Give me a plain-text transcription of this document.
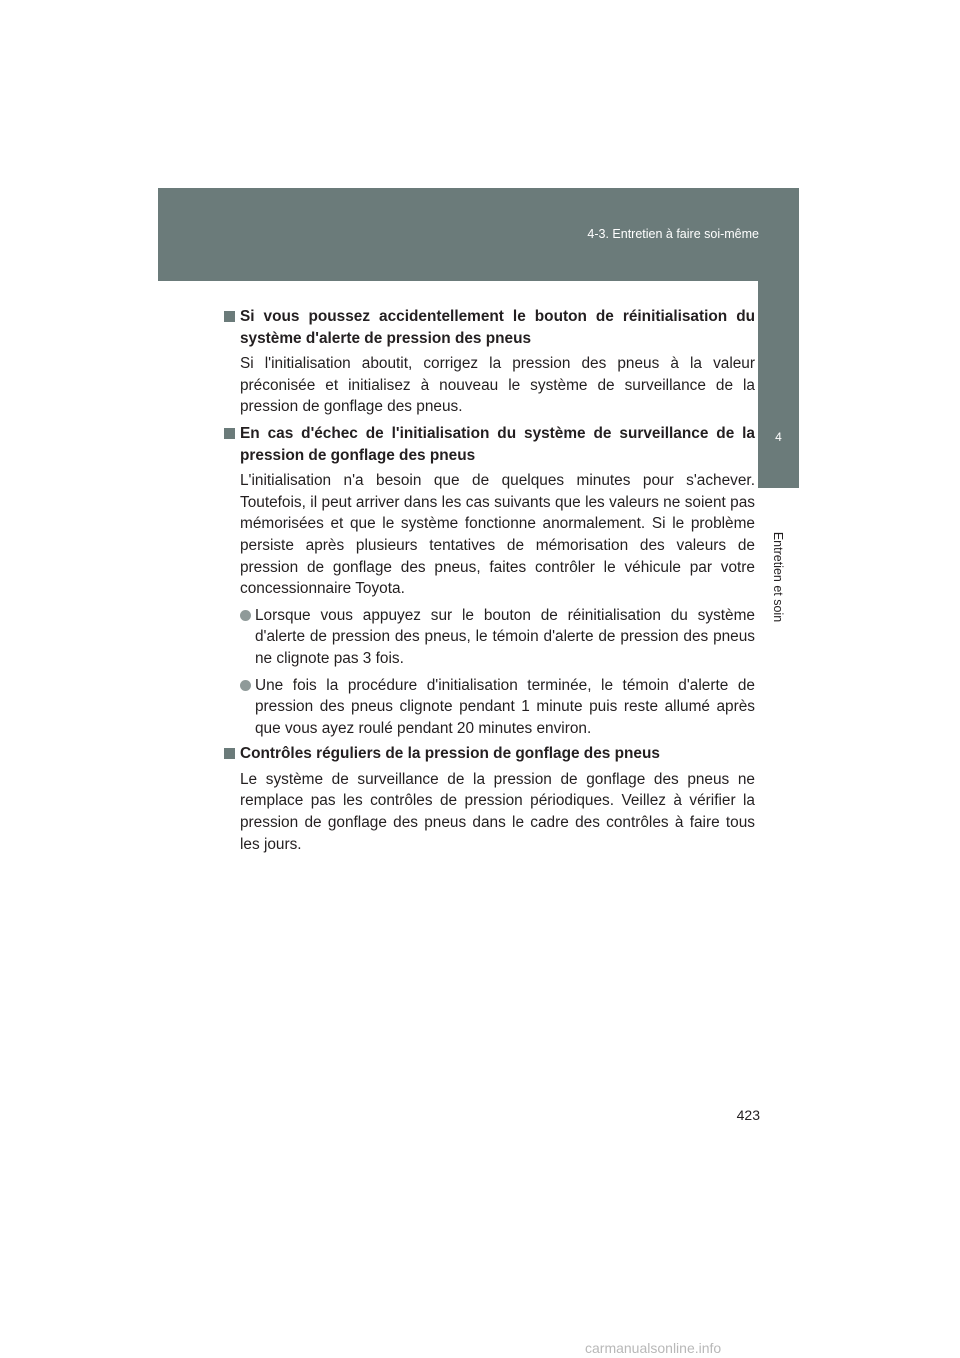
4-3. Entretien à faire soi-même
4
Entretien et soin
Si vous poussez accidentellement le bouton de réinitialisation du système d'alerte de pression des pneus
Si l'initialisation aboutit, corrigez la pression des pneus à la valeur préconisée et initialisez à nouveau le système de surveillance de la pression de gonflage des pneus.
En cas d'échec de l'initialisation du système de surveillance de la pression de gonflage des pneus
L'initialisation n'a besoin que de quelques minutes pour s'achever. Toutefois, il peut arriver dans les cas suivants que les valeurs ne soient pas mémorisées et que le système fonctionne anormalement. Si le problème persiste après plusieurs tentatives de mémorisation des valeurs de pression de gonflage des pneus, faites contrôler le véhicule par votre concessionnaire Toyota.
Lorsque vous appuyez sur le bouton de réinitialisation du système d'alerte de pression des pneus, le témoin d'alerte de pression des pneus ne clignote pas 3 fois.
Une fois la procédure d'initialisation terminée, le témoin d'alerte de pression des pneus clignote pendant 1 minute puis reste allumé après que vous ayez roulé pendant 20 minutes environ.
Contrôles réguliers de la pression de gonflage des pneus
Le système de surveillance de la pression de gonflage des pneus ne remplace pas les contrôles de pression périodiques. Veillez à vérifier la pression de gonflage des pneus dans le cadre des contrôles à faire tous les jours.
423
carmanualsonline.info
